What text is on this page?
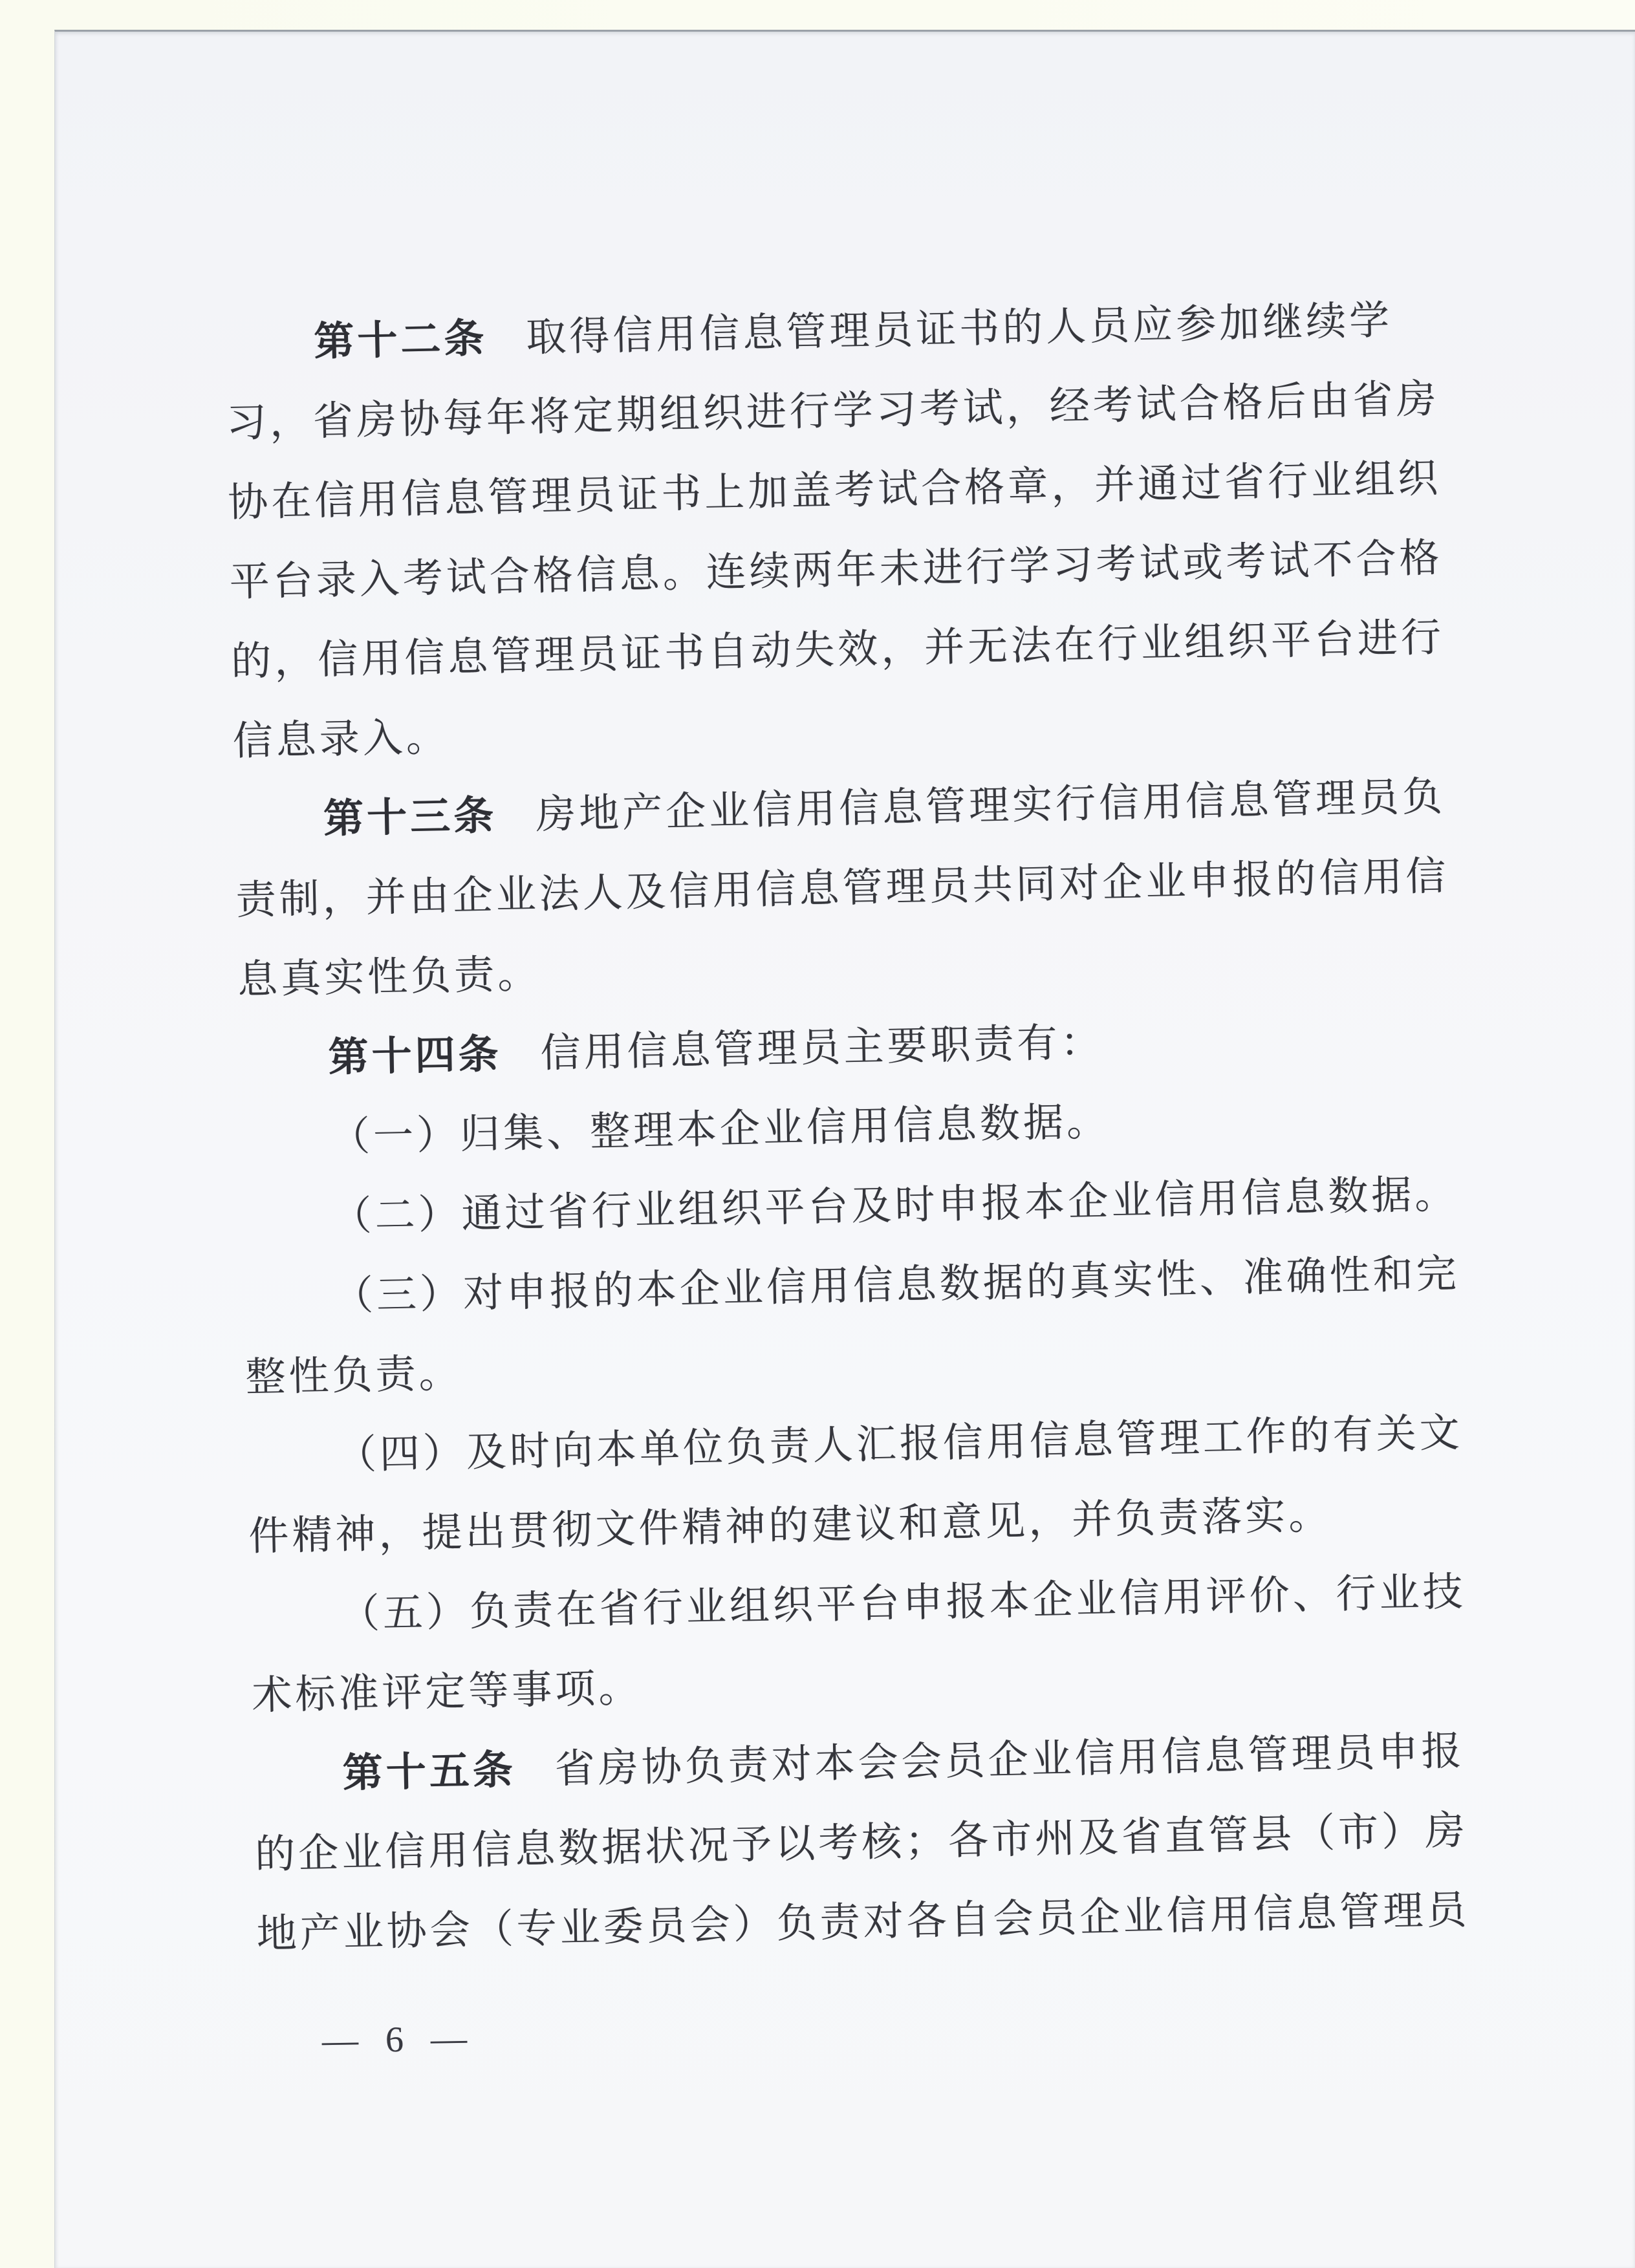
第十二条 取得信用信息管理员证书的人员应参加继续学
习，省房协每年将定期组织进行学习考试，经考试合格后由省房
协在信用信息管理员证书上加盖考试合格章，并通过省行业组织
平台录入考试合格信息。连续两年未进行学习考试或考试不合格
的，信用信息管理员证书自动失效，并无法在行业组织平台进行
信息录入。
第十三条 房地产企业信用信息管理实行信用信息管理员负
责制，并由企业法人及信用信息管理员共同对企业申报的信用信
息真实性负责。
第十四条 信用信息管理员主要职责有：
（一）归集、整理本企业信用信息数据。
（二）通过省行业组织平台及时申报本企业信用信息数据。
（三）对申报的本企业信用信息数据的真实性、准确性和完
整性负责。
（四）及时向本单位负责人汇报信用信息管理工作的有关文
件精神，提出贯彻文件精神的建议和意见，并负责落实。
（五）负责在省行业组织平台申报本企业信用评价、行业技
术标准评定等事项。
第十五条 省房协负责对本会会员企业信用信息管理员申报
的企业信用信息数据状况予以考核；各市州及省直管县（市）房
地产业协会（专业委员会）负责对各自会员企业信用信息管理员
— 6 —
